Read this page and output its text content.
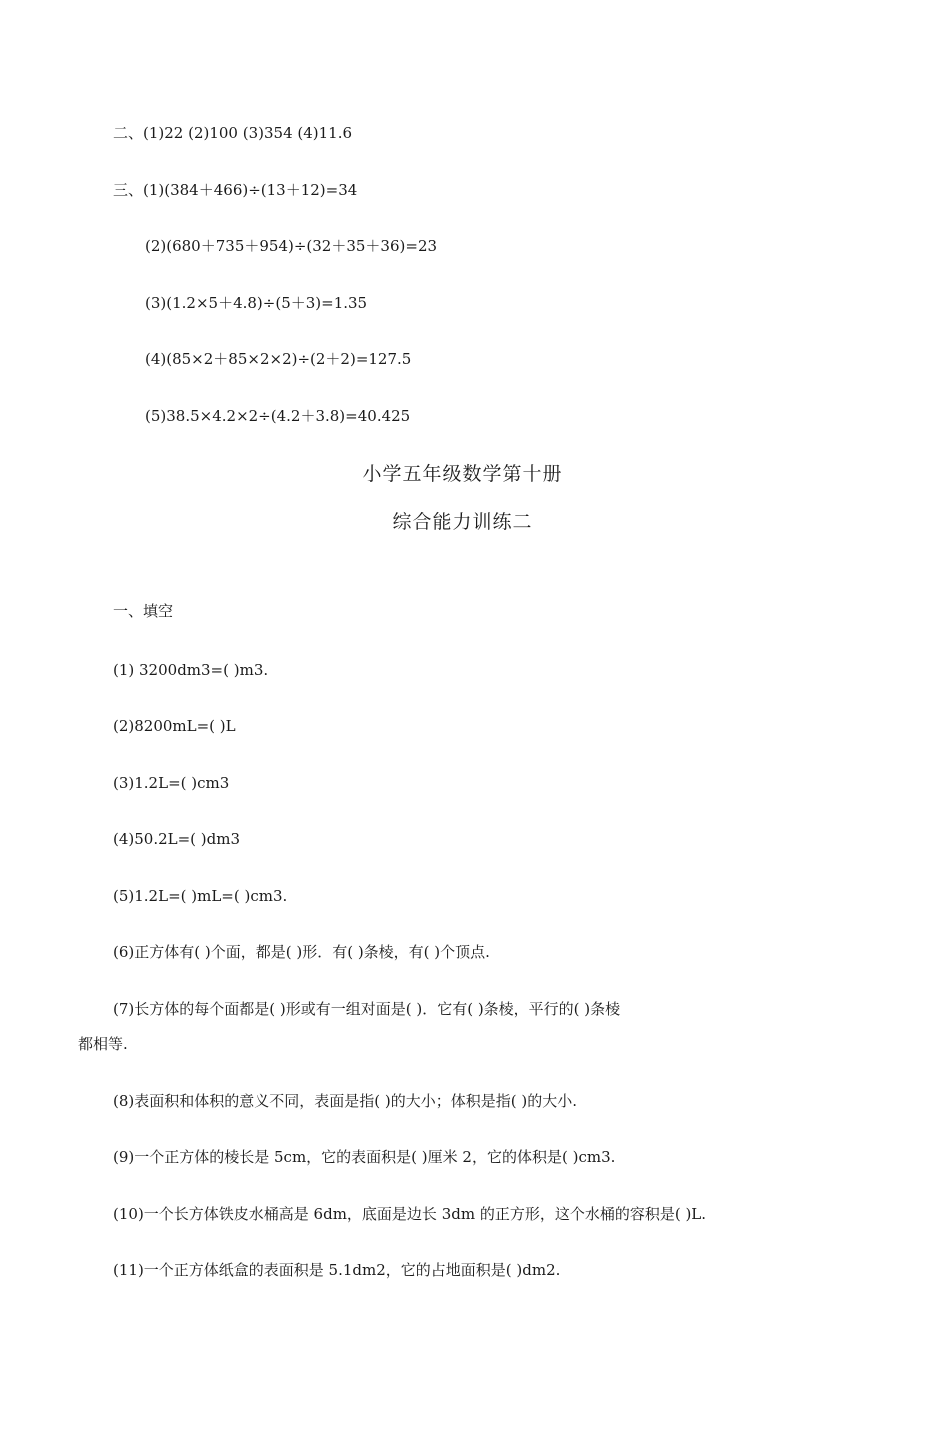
二、(1)22 (2)100 (3)354 (4)11.6
三、(1)(384＋466)÷(13＋12)=34
(2)(680＋735＋954)÷(32＋35＋36)=23
(3)(1.2×5＋4.8)÷(5＋3)=1.35
(4)(85×2＋85×2×2)÷(2＋2)=127.5
(5)38.5×4.2×2÷(4.2＋3.8)=40.425
小学五年级数学第十册
综合能力训练二
一、填空
(1) 3200dm3=( )m3.
(2)8200mL=( )L
(3)1.2L=( )cm3
(4)50.2L=( )dm3
(5)1.2L=( )mL=( )cm3.
(6)正方体有( )个面，都是( )形．有( )条棱，有( )个顶点.
(7)长方体的每个面都是( )形或有一组对面是( )．它有( )条棱，平行的( )条棱
都相等.
(8)表面积和体积的意义不同，表面是指( )的大小；体积是指( )的大小.
(9)一个正方体的棱长是 5cm，它的表面积是( )厘米 2，它的体积是( )cm3.
(10)一个长方体铁皮水桶高是 6dm，底面是边长 3dm 的正方形，这个水桶的容积是( )L.
(11)一个正方体纸盒的表面积是 5.1dm2，它的占地面积是( )dm2.
